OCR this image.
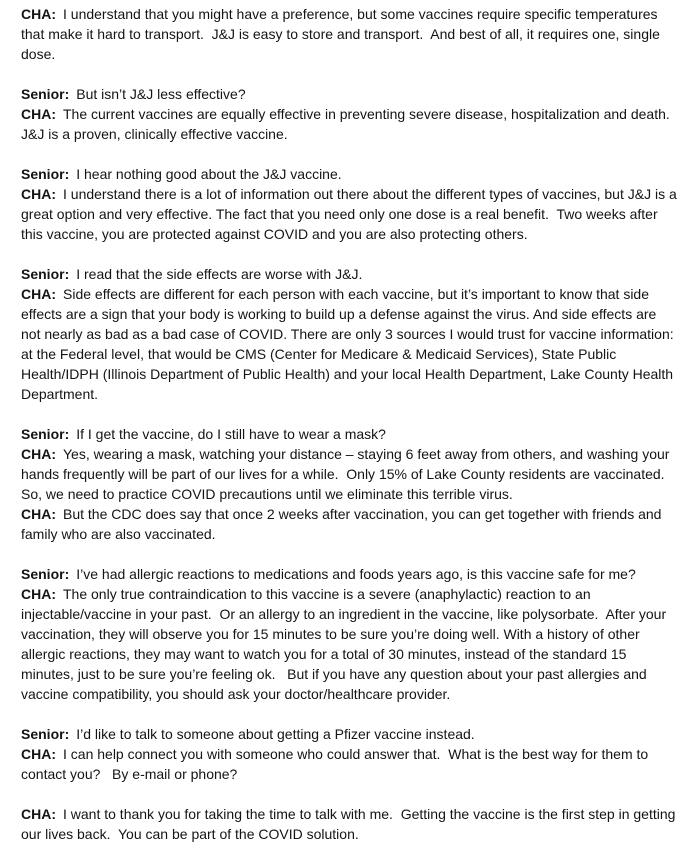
CHA: I understand that you might have a preference, but some vaccines require specific temperatures that make it hard to transport.  J&J is easy to store and transport.  And best of all, it requires one, single dose.

Senior: But isn’t J&J less effective?

CHA: The current vaccines are equally effective in preventing severe disease, hospitalization and death.  J&J is a proven, clinically effective vaccine.

Senior: I hear nothing good about the J&J vaccine.

CHA: I understand there is a lot of information out there about the different types of vaccines, but J&J is a great option and very effective. The fact that you need only one dose is a real benefit.  Two weeks after this vaccine, you are protected against COVID and you are also protecting others.

Senior: I read that the side effects are worse with J&J.

CHA: Side effects are different for each person with each vaccine, but it’s important to know that side effects are a sign that your body is working to build up a defense against the virus. And side effects are not nearly as bad as a bad case of COVID. There are only 3 sources I would trust for vaccine information:  at the Federal level, that would be CMS (Center for Medicare & Medicaid Services), State Public Health/IDPH (Illinois Department of Public Health) and your local Health Department, Lake County Health Department.

Senior: If I get the vaccine, do I still have to wear a mask?

CHA: Yes, wearing a mask, watching your distance – staying 6 feet away from others, and washing your hands frequently will be part of our lives for a while.  Only 15% of Lake County residents are vaccinated.  So, we need to practice COVID precautions until we eliminate this terrible virus.

CHA: But the CDC does say that once 2 weeks after vaccination, you can get together with friends and family who are also vaccinated.

Senior: I’ve had allergic reactions to medications and foods years ago, is this vaccine safe for me?

CHA: The only true contraindication to this vaccine is a severe (anaphylactic) reaction to an injectable/vaccine in your past.  Or an allergy to an ingredient in the vaccine, like polysorbate.  After your vaccination, they will observe you for 15 minutes to be sure you’re doing well. With a history of other allergic reactions, they may want to watch you for a total of 30 minutes, instead of the standard 15 minutes, just to be sure you’re feeling ok.   But if you have any question about your past allergies and vaccine compatibility, you should ask your doctor/healthcare provider.

Senior: I’d like to talk to someone about getting a Pfizer vaccine instead.

CHA: I can help connect you with someone who could answer that.  What is the best way for them to contact you?   By e-mail or phone?

CHA: I want to thank you for taking the time to talk with me.  Getting the vaccine is the first step in getting our lives back.  You can be part of the COVID solution.
